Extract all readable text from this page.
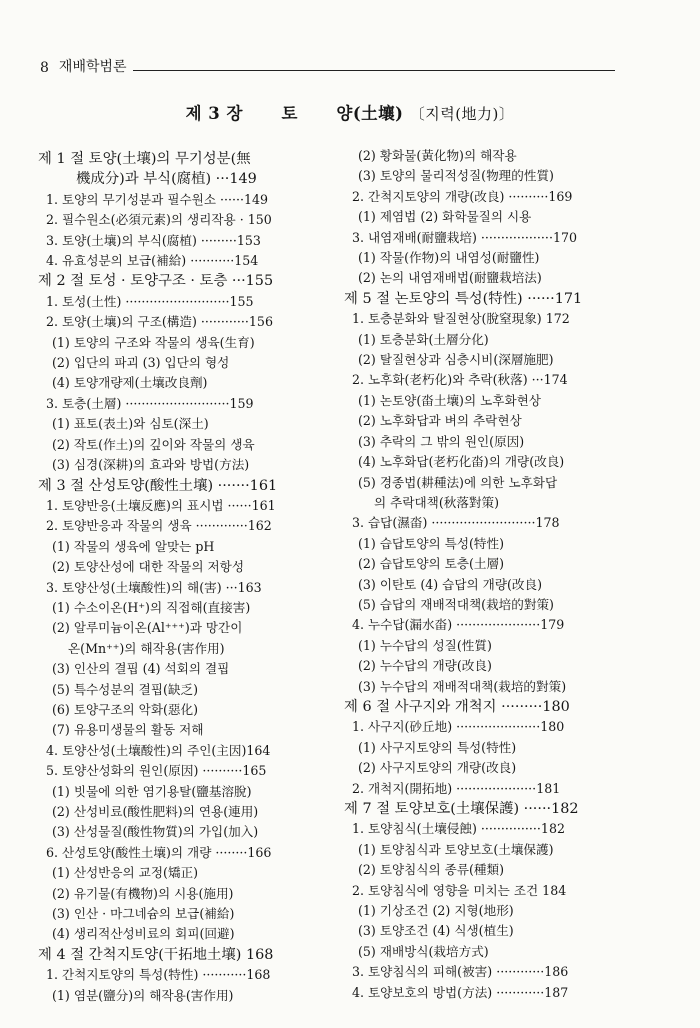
8 재배학범론
제 3 장 토 양(土壤) 〔지력(地力)〕
제 1 절 토양(土壤)의 무기성분(無
機成分)과 부식(腐植) ···149
1. 토양의 무기성분과 필수원소 ······149
2. 필수원소(必須元素)의 생리작용 · 150
3. 토양(土壤)의 부식(腐植) ·········153
4. 유효성분의 보급(補給) ···········154
제 2 절 토성 · 토양구조 · 토층 ···155
1. 토성(土性) ··························155
2. 토양(土壤)의 구조(構造) ············156
(1) 토양의 구조와 작물의 생육(生育)
(2) 입단의 파괴 (3) 입단의 형성
(4) 토양개량제(土壤改良劑)
3. 토층(土層) ··························159
(1) 표토(表土)와 심토(深土)
(2) 작토(作土)의 깊이와 작물의 생육
(3) 심경(深耕)의 효과와 방법(方法)
제 3 절 산성토양(酸性土壤) ·······161
1. 토양반응(土壤反應)의 표시법 ······161
2. 토양반응과 작물의 생육 ·············162
(1) 작물의 생육에 알맞는 pH
(2) 토양산성에 대한 작물의 저항성
3. 토양산성(土壤酸性)의 해(害) ···163
(1) 수소이온(H⁺)의 직접해(直接害)
(2) 알루미늄이온(Al⁺⁺⁺)과 망간이
온(Mn⁺⁺)의 해작용(害作用)
(3) 인산의 결핍 (4) 석회의 결핍
(5) 특수성분의 결핍(缺乏)
(6) 토양구조의 악화(惡化)
(7) 유용미생물의 활동 저해
4. 토양산성(土壤酸性)의 주인(主因)164
5. 토양산성화의 원인(原因) ··········165
(1) 빗물에 의한 염기용탈(鹽基溶脫)
(2) 산성비료(酸性肥料)의 연용(連用)
(3) 산성물질(酸性物質)의 가입(加入)
6. 산성토양(酸性土壤)의 개량 ········166
(1) 산성반응의 교정(矯正)
(2) 유기물(有機物)의 시용(施用)
(3) 인산 · 마그네슘의 보급(補給)
(4) 생리적산성비료의 회피(回避)
제 4 절 간척지토양(干拓地土壤) 168
1. 간척지토양의 특성(特性) ···········168
(1) 염분(鹽分)의 해작용(害作用)
(2) 황화물(黃化物)의 해작용
(3) 토양의 물리적성질(物理的性質)
2. 간척지토양의 개량(改良) ··········169
(1) 제염법 (2) 화학물질의 시용
3. 내염재배(耐鹽栽培) ··················170
(1) 작물(作物)의 내염성(耐鹽性)
(2) 논의 내염재배법(耐鹽栽培法)
제 5 절 논토양의 특성(特性) ······171
1. 토층분화와 탈질현상(脫窒現象) 172
(1) 토층분화(土層分化)
(2) 탈질현상과 심층시비(深層施肥)
2. 노후화(老朽化)와 추락(秋落) ···174
(1) 논토양(畓土壤)의 노후화현상
(2) 노후화답과 벼의 추락현상
(3) 추락의 그 밖의 원인(原因)
(4) 노후화답(老朽化畓)의 개량(改良)
(5) 경종법(耕種法)에 의한 노후화답
의 추락대책(秋落對策)
3. 습답(濕畓) ··························178
(1) 습답토양의 특성(特性)
(2) 습답토양의 토층(土層)
(3) 이탄토 (4) 습답의 개량(改良)
(5) 습답의 재배적대책(栽培的對策)
4. 누수답(漏水畓) ·····················179
(1) 누수답의 성질(性質)
(2) 누수답의 개량(改良)
(3) 누수답의 재배적대책(栽培的對策)
제 6 절 사구지와 개척지 ·········180
1. 사구지(砂丘地) ·····················180
(1) 사구지토양의 특성(特性)
(2) 사구지토양의 개량(改良)
2. 개척지(開拓地) ····················181
제 7 절 토양보호(土壤保護) ······182
1. 토양침식(土壤侵蝕) ···············182
(1) 토양침식과 토양보호(土壤保護)
(2) 토양침식의 종류(種類)
2. 토양침식에 영향을 미치는 조건 184
(1) 기상조건 (2) 지형(地形)
(3) 토양조건 (4) 식생(植生)
(5) 재배방식(栽培方式)
3. 토양침식의 피해(被害) ············186
4. 토양보호의 방법(方法) ············187
